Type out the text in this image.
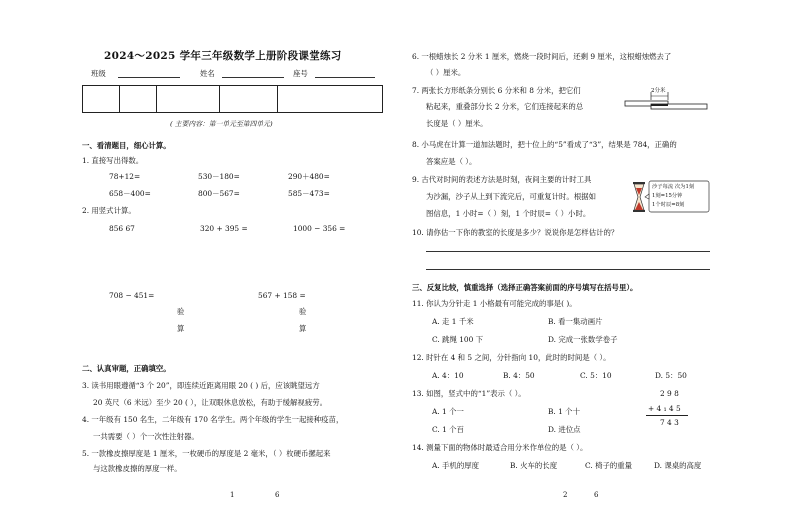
2024～2025 学年三年级数学上册阶段课堂练习
班级	姓名	座号

( 主要内容：第一单元至第四单元)
一、看清题目，细心计算。
1. 直接写出得数。
78+12=	530－180=	290＋480=
658－400=	800－567=	585－473=
2. 用竖式计算。
856 67	320 + 395 =	1000 − 356 =
708 − 451=	567 + 158 =
验
算
验
算
二、认真审题，正确填空。
3. 读书用眼遵循“3 个 20”，即连续近距离用眼 20 ( ) 后，应该眺望远方
20 英尺（6 米远）至少 20 ( ），让双眼休息放松，有助于缓解视疲劳。
4. 一年级有 150 名生，二年级有 170 名学生。两个年级的学生一起接种疫苗，
一共需要（ ）个一次性注射器。
5. 一款橡皮擦厚度是 1 厘米，一枚硬币的厚度是 2 毫米，（ ）枚硬币摞起来
与这款橡皮擦的厚度一样。
1	6
6. 一根蜡烛长 2 分米 1 厘米，燃烧一段时间后，还剩 9 厘米，这根蜡烛燃去了
（ ）厘米。
7. 两张长方形纸条分别长 6 分米和 8 分米，把它们
粘起来，重叠部分长 2 分米，它们连接起来的总
长度是（ ）厘米。
2分米
8. 小马虎在计算一道加法题时，把十位上的“5”看成了“3”，结果是 784，正确的
答案应是（ ）。
9. 古代对时间的表述方法是时刻，夜间主要的计时工具
为沙漏，沙子从上到下流完后，可重复计时。根据如
图信息，1 小时=（ ）刻，1 个时辰=（ ）小时。
沙子每流 次为1刻
1刻=15分钟
1个时辰=8刻
10. 请你估一下你的教室的长度是多少？说说你是怎样估计的？
三、反复比较，慎重选择（选择正确答案前面的序号填写在括号里）。
11. 你认为分针走 1 小格最有可能完成的事是( )。
A. 走 1 千米	B. 看一集动画片
C. 跳绳 100 下	D. 完成一张数学卷子
12. 时针在 4 和 5 之间，分针指向 10，此时的时间是（ ）。
A. 4：10	B. 4：50	C. 5：10	D. 5：50
13. 如图，竖式中的“1”表示（ ）。
A. 1 个一	B. 1 个十
C. 1 个百	D. 进位点
2 9 8
+ 4 ₁ 4 5
7 4 3
14. 测量下面的物体时最适合用分米作单位的是（ ）。
A. 手机的厚度	B. 火车的长度	C. 椅子的重量	D. 课桌的高度
2	6
